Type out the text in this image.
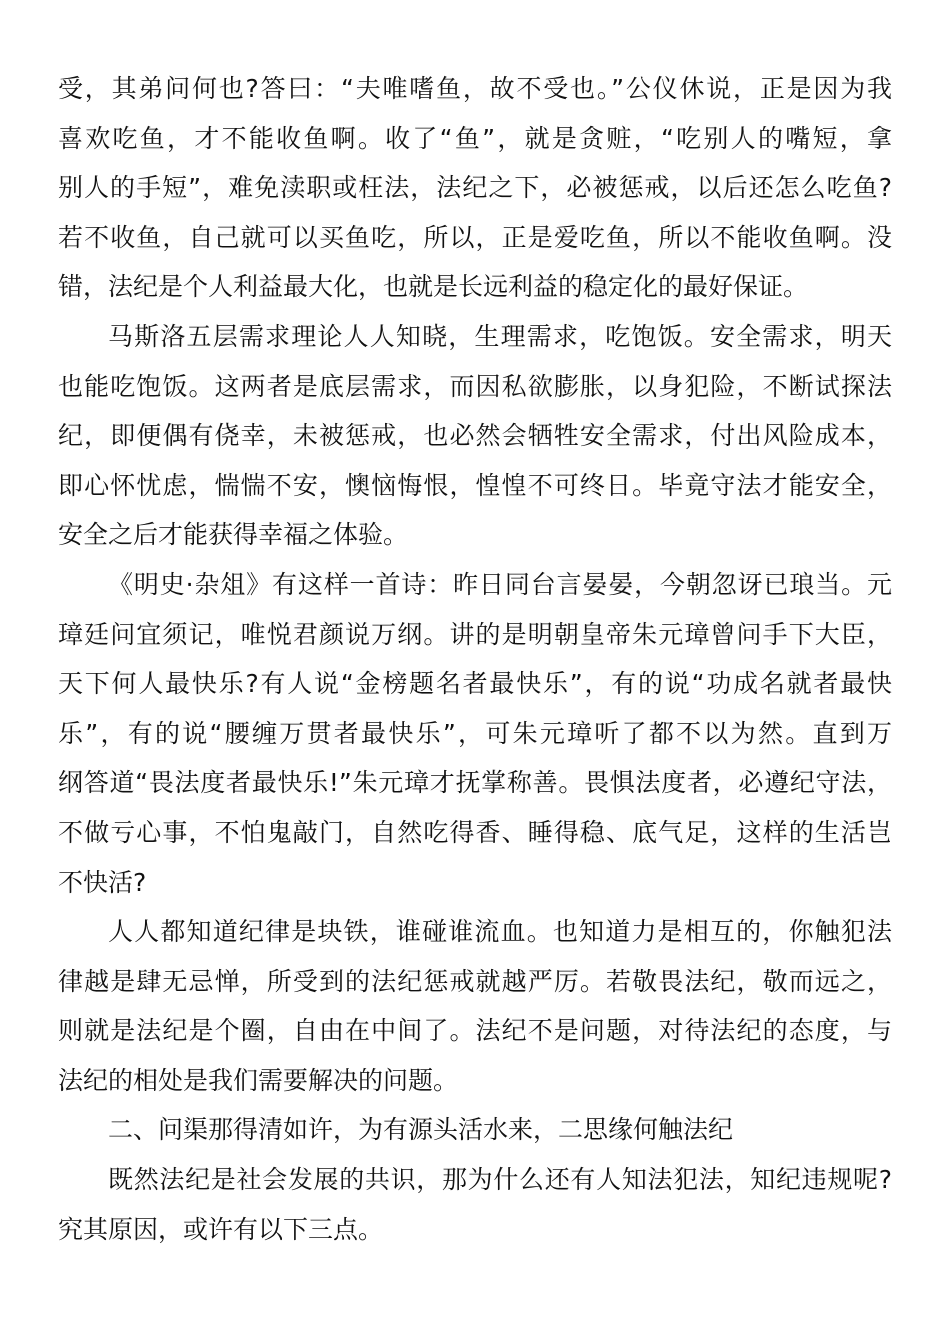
受，其弟问何也?答曰：“夫唯嗜鱼，故不受也。”公仪休说，正是因为我
喜欢吃鱼，才不能收鱼啊。收了“鱼”，就是贪赃，“吃别人的嘴短，拿
别人的手短”，难免渎职或枉法，法纪之下，必被惩戒，以后还怎么吃鱼?
若不收鱼，自己就可以买鱼吃，所以，正是爱吃鱼，所以不能收鱼啊。没
错，法纪是个人利益最大化，也就是长远利益的稳定化的最好保证。
马斯洛五层需求理论人人知晓，生理需求，吃饱饭。安全需求，明天
也能吃饱饭。这两者是底层需求，而因私欲膨胀，以身犯险，不断试探法
纪，即便偶有侥幸，未被惩戒，也必然会牺牲安全需求，付出风险成本，
即心怀忧虑，惴惴不安，懊恼悔恨，惶惶不可终日。毕竟守法才能安全，
安全之后才能获得幸福之体验。
《明史·杂俎》有这样一首诗：昨日同台言晏晏，今朝忽讶已琅当。元
璋廷问宜须记，唯悦君颜说万纲。讲的是明朝皇帝朱元璋曾问手下大臣，
天下何人最快乐?有人说“金榜题名者最快乐”，有的说“功成名就者最快
乐”，有的说“腰缠万贯者最快乐”，可朱元璋听了都不以为然。直到万
纲答道“畏法度者最快乐!”朱元璋才抚掌称善。畏惧法度者，必遵纪守法，
不做亏心事，不怕鬼敲门，自然吃得香、睡得稳、底气足，这样的生活岂
不快活?
人人都知道纪律是块铁，谁碰谁流血。也知道力是相互的，你触犯法
律越是肆无忌惮，所受到的法纪惩戒就越严厉。若敬畏法纪，敬而远之，
则就是法纪是个圈，自由在中间了。法纪不是问题，对待法纪的态度，与
法纪的相处是我们需要解决的问题。
二、问渠那得清如许，为有源头活水来，二思缘何触法纪
既然法纪是社会发展的共识，那为什么还有人知法犯法，知纪违规呢?
究其原因，或许有以下三点。
